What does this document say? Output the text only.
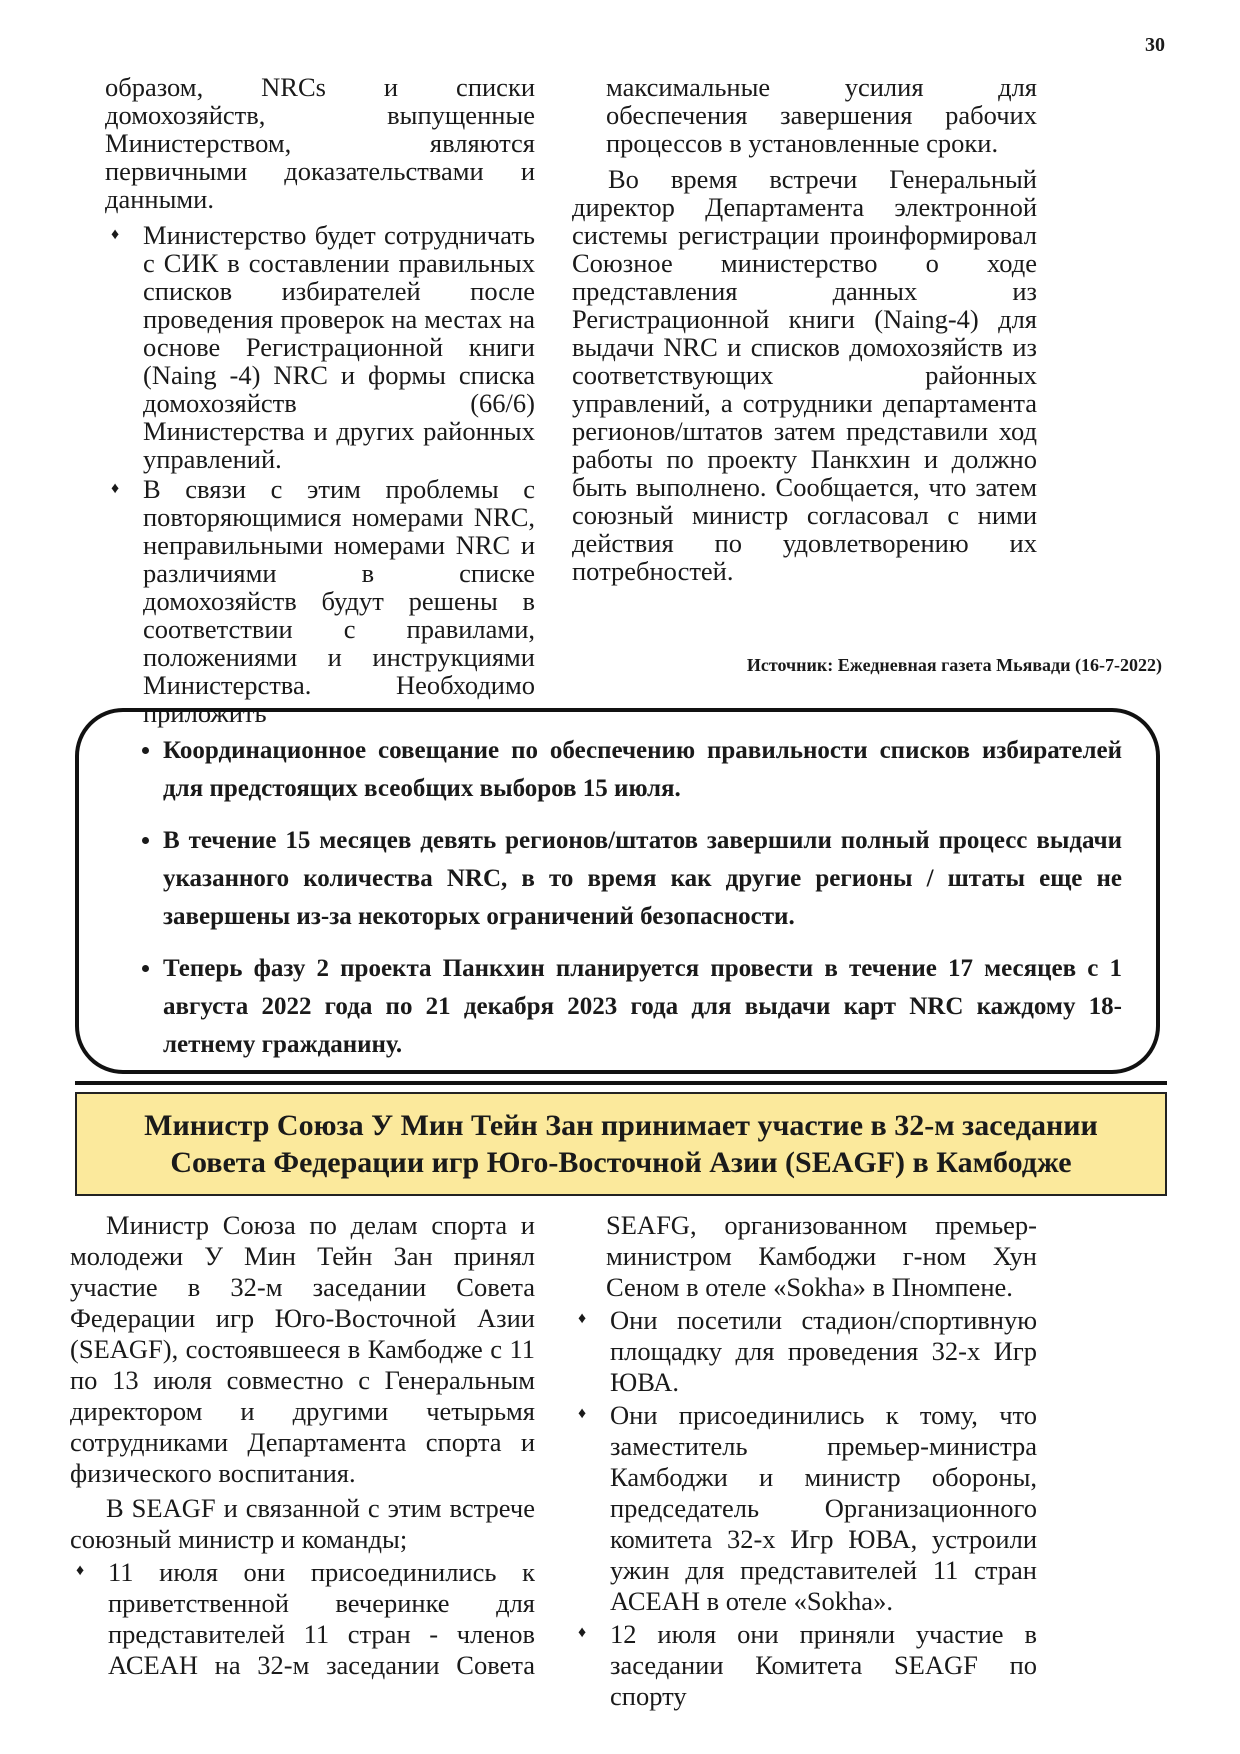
30

образом, NRCs и списки домохозяйств, выпущенные Министерством, являются первичными доказательствами и данными.

♦ Министерство будет сотрудничать с СИК в составлении правильных списков избирателей после проведения проверок на местах на основе Регистрационной книги (Naing -4) NRC и формы списка домохозяйств (66/6) Министерства и других районных управлений.
♦ В связи с этим проблемы с повторяющимися номерами NRC, неправильными номерами NRC и различиями в списке домохозяйств будут решены в соответствии с правилами, положениями и инструкциями Министерства. Необходимо приложить

максимальные усилия для обеспечения завершения рабочих процессов в установленные сроки.

Во время встречи Генеральный директор Департамента электронной системы регистрации проинформировал Союзное министерство о ходе представления данных из Регистрационной книги (Naing-4) для выдачи NRC и списков домохозяйств из соответствующих районных управлений, а сотрудники департамента регионов/штатов затем представили ход работы по проекту Панкхин и должно быть выполнено. Сообщается, что затем союзный министр согласовал с ними действия по удовлетворению их потребностей.

Источник: Ежедневная газета Мьявади (16-7-2022)
• Координационное совещание по обеспечению правильности списков избирателей для предстоящих всеобщих выборов 15 июля.
• В течение 15 месяцев девять регионов/штатов завершили полный процесс выдачи указанного количества NRC, в то время как другие регионы / штаты еще не завершены из-за некоторых ограничений безопасности.
• Теперь фазу 2 проекта Панкхин планируется провести в течение 17 месяцев с 1 августа 2022 года по 21 декабря 2023 года для выдачи карт NRC каждому 18-летнему гражданину.
Министр Союза У Мин Тейн Зан принимает участие в 32-м заседании
Совета Федерации игр Юго-Восточной Азии (SEAGF) в Камбодже

Министр Союза по делам спорта и молодежи У Мин Тейн Зан принял участие в 32-м заседании Совета Федерации игр Юго-Восточной Азии (SEAGF), состоявшееся в Камбодже с 11 по 13 июля совместно с Генеральным директором и другими четырьмя сотрудниками Департамента спорта и физического воспитания.

В SEAGF и связанной с этим встрече союзный министр и команды;

♦ 11 июля они присоединились к приветственной вечеринке для представителей 11 стран - членов АСЕАН на 32-м заседании Совета

SEAFG, организованном премьер-министром Камбоджи г-ном Хун Сеном в отеле «Sokha» в Пномпене.

♦ Они посетили стадион/спортивную площадку для проведения 32-х Игр ЮВА.
♦ Они присоединились к тому, что заместитель премьер-министра Камбоджи и министр обороны, председатель Организационного комитета 32-х Игр ЮВА, устроили ужин для представителей 11 стран АСЕАН в отеле «Sokha».
♦ 12 июля они приняли участие в заседании Комитета SEAGF по спорту
